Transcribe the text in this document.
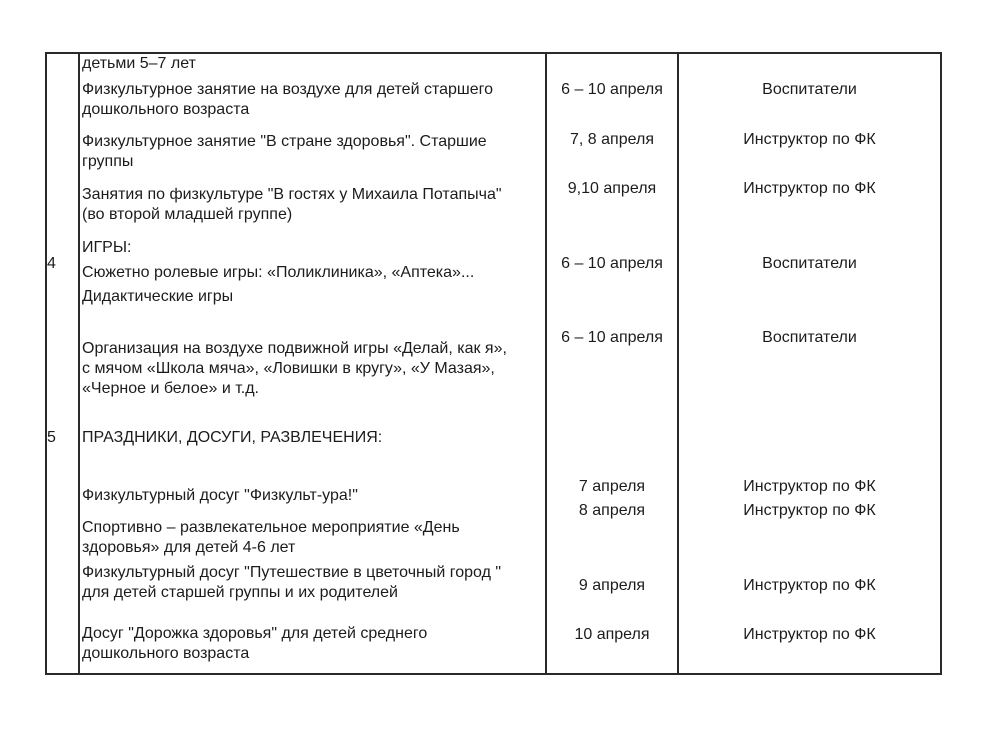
детьми 5–7 лет
Физкультурное занятие на воздухе для детей старшего
дошкольного возраста
6 – 10 апреля	Воспитатели
Физкультурное занятие "В стране здоровья". Старшие
группы
7, 8 апреля	Инструктор по ФК
Занятия по физкультуре "В гостях у Михаила Потапыча"
(во второй младшей группе)
9,10 апреля	Инструктор по ФК
4
ИГРЫ:
Сюжетно ролевые игры: «Поликлиника», «Аптека»...
Дидактические игры
6 – 10 апреля	Воспитатели
Организация на воздухе подвижной игры «Делай, как я»,
с мячом «Школа мяча», «Ловишки в кругу», «У Мазая»,
«Черное и белое» и т.д.
6 – 10 апреля	Воспитатели
5 ПРАЗДНИКИ, ДОСУГИ, РАЗВЛЕЧЕНИЯ:
Физкультурный досуг "Физкульт-ура!"
7 апреля	Инструктор по ФК
Спортивно – развлекательное мероприятие «День
здоровья» для детей 4-6 лет
8 апреля	Инструктор по ФК
Физкультурный досуг "Путешествие в цветочный город "
для детей старшей группы и их родителей	9 апреля	Инструктор по ФК
Досуг "Дорожка здоровья" для детей среднего
дошкольного возраста
10 апреля	Инструктор по ФК
